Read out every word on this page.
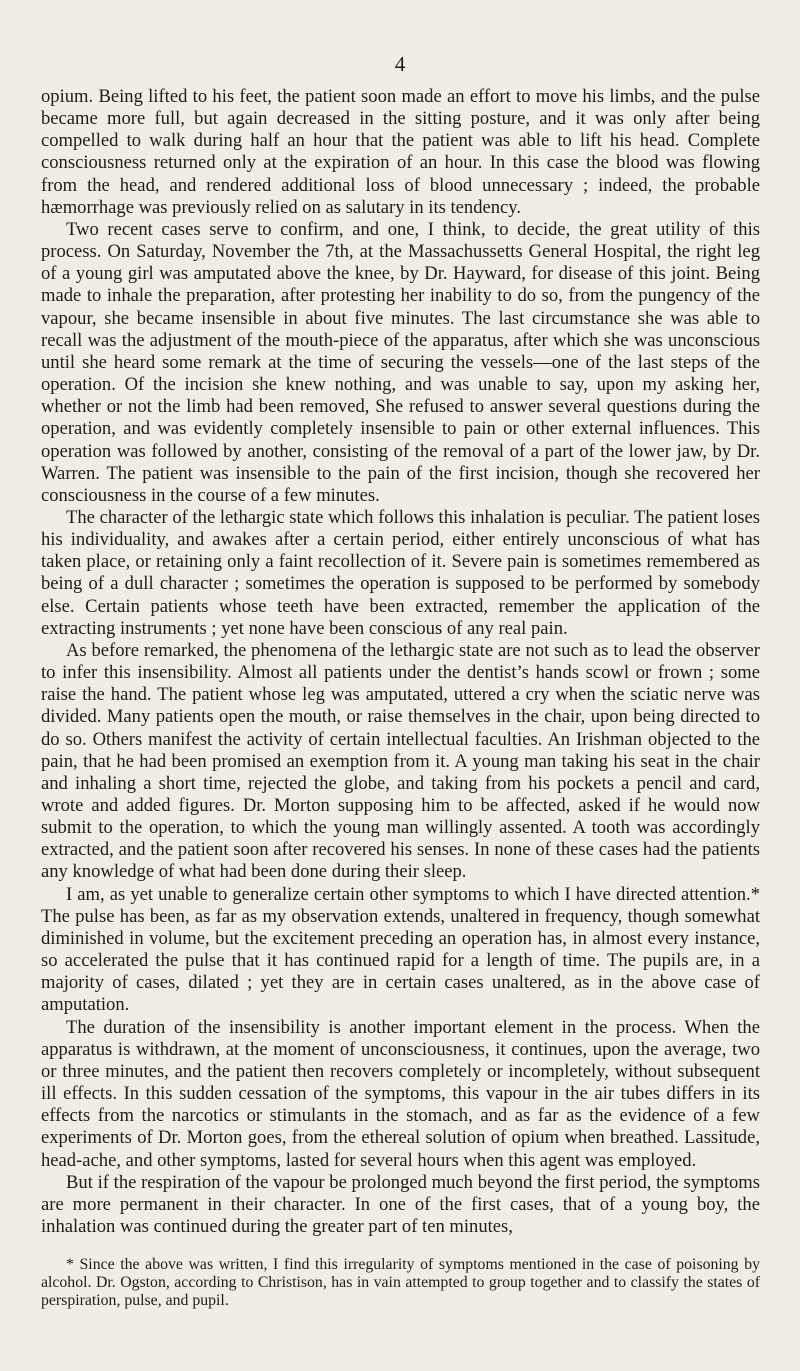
4

opium. Being lifted to his feet, the patient soon made an effort to move his limbs, and the pulse became more full, but again decreased in the sitting posture, and it was only after being compelled to walk during half an hour that the patient was able to lift his head. Complete consciousness returned only at the expiration of an hour. In this case the blood was flowing from the head, and rendered additional loss of blood unnecessary ; indeed, the probable hæmorrhage was previously relied on as salutary in its tendency.

Two recent cases serve to confirm, and one, I think, to decide, the great utility of this process. On Saturday, November the 7th, at the Massachussetts General Hospital, the right leg of a young girl was amputated above the knee, by Dr. Hayward, for disease of this joint. Being made to inhale the preparation, after protesting her inability to do so, from the pungency of the vapour, she became insensible in about five minutes. The last circumstance she was able to recall was the adjustment of the mouth-piece of the apparatus, after which she was unconscious until she heard some remark at the time of securing the vessels—one of the last steps of the operation. Of the incision she knew nothing, and was unable to say, upon my asking her, whether or not the limb had been removed, She refused to answer several questions during the operation, and was evidently completely insensible to pain or other external influences. This operation was followed by another, consisting of the removal of a part of the lower jaw, by Dr. Warren. The patient was insensible to the pain of the first incision, though she recovered her consciousness in the course of a few minutes.

The character of the lethargic state which follows this inhalation is peculiar. The patient loses his individuality, and awakes after a certain period, either entirely unconscious of what has taken place, or retaining only a faint recollection of it. Severe pain is sometimes remembered as being of a dull character ; sometimes the operation is supposed to be performed by somebody else. Certain patients whose teeth have been extracted, remember the application of the extracting instruments ; yet none have been conscious of any real pain.

As before remarked, the phenomena of the lethargic state are not such as to lead the observer to infer this insensibility. Almost all patients under the dentist’s hands scowl or frown ; some raise the hand. The patient whose leg was amputated, uttered a cry when the sciatic nerve was divided. Many patients open the mouth, or raise themselves in the chair, upon being directed to do so. Others manifest the activity of certain intellectual faculties. An Irishman objected to the pain, that he had been promised an exemption from it. A young man taking his seat in the chair and inhaling a short time, rejected the globe, and taking from his pockets a pencil and card, wrote and added figures. Dr. Morton supposing him to be affected, asked if he would now submit to the operation, to which the young man willingly assented. A tooth was accordingly extracted, and the patient soon after recovered his senses. In none of these cases had the patients any knowledge of what had been done during their sleep.

I am, as yet unable to generalize certain other symptoms to which I have directed attention.* The pulse has been, as far as my observation extends, unaltered in frequency, though somewhat diminished in volume, but the excitement preceding an operation has, in almost every instance, so accelerated the pulse that it has continued rapid for a length of time. The pupils are, in a majority of cases, dilated ; yet they are in certain cases unaltered, as in the above case of amputation.

The duration of the insensibility is another important element in the process. When the apparatus is withdrawn, at the moment of unconsciousness, it continues, upon the average, two or three minutes, and the patient then recovers completely or incompletely, without subsequent ill effects. In this sudden cessation of the symptoms, this vapour in the air tubes differs in its effects from the narcotics or stimulants in the stomach, and as far as the evidence of a few experiments of Dr. Morton goes, from the ethereal solution of opium when breathed. Lassitude, head-ache, and other symptoms, lasted for several hours when this agent was employed.

But if the respiration of the vapour be prolonged much beyond the first period, the symptoms are more permanent in their character. In one of the first cases, that of a young boy, the inhalation was continued during the greater part of ten minutes,

* Since the above was written, I find this irregularity of symptoms mentioned in the case of poisoning by alcohol. Dr. Ogston, according to Christison, has in vain attempted to group together and to classify the states of perspiration, pulse, and pupil.
